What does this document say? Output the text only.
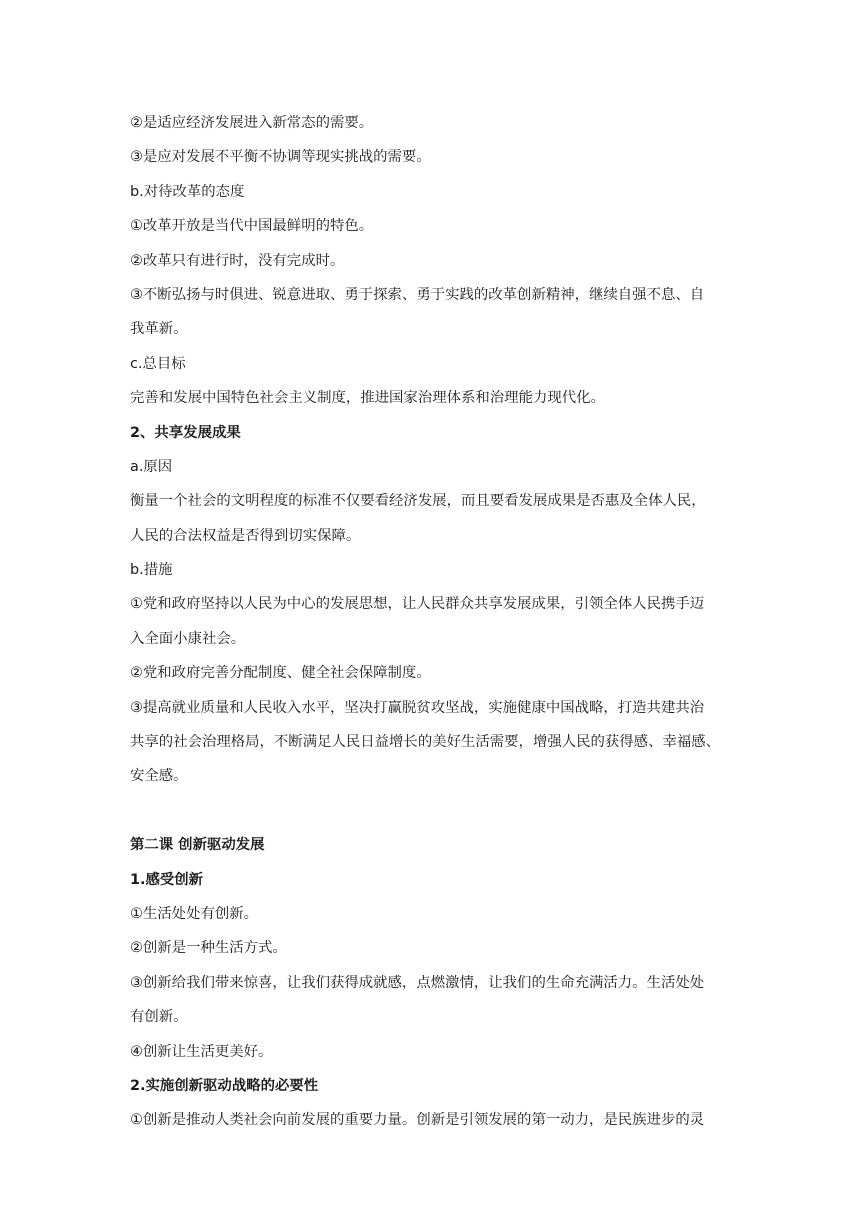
②是适应经济发展进入新常态的需要。
③是应对发展不平衡不协调等现实挑战的需要。
b.对待改革的态度
①改革开放是当代中国最鲜明的特色。
②改革只有进行时，没有完成时。
③不断弘扬与时俱进、锐意进取、勇于探索、勇于实践的改革创新精神，继续自强不息、自
我革新。
c.总目标
完善和发展中国特色社会主义制度，推进国家治理体系和治理能力现代化。
2、共享发展成果
a.原因
衡量一个社会的文明程度的标准不仅要看经济发展，而且要看发展成果是否惠及全体人民，
人民的合法权益是否得到切实保障。
b.措施
①党和政府坚持以人民为中心的发展思想，让人民群众共享发展成果，引领全体人民携手迈
入全面小康社会。
②党和政府完善分配制度、健全社会保障制度。
③提高就业质量和人民收入水平，坚决打赢脱贫攻坚战，实施健康中国战略，打造共建共治
共享的社会治理格局，不断满足人民日益增长的美好生活需要，增强人民的获得感、幸福感、
安全感。
第二课 创新驱动发展
1.感受创新
①生活处处有创新。
②创新是一种生活方式。
③创新给我们带来惊喜，让我们获得成就感，点燃激情，让我们的生命充满活力。生活处处
有创新。
④创新让生活更美好。
2.实施创新驱动战略的必要性
①创新是推动人类社会向前发展的重要力量。创新是引领发展的第一动力，是民族进步的灵
